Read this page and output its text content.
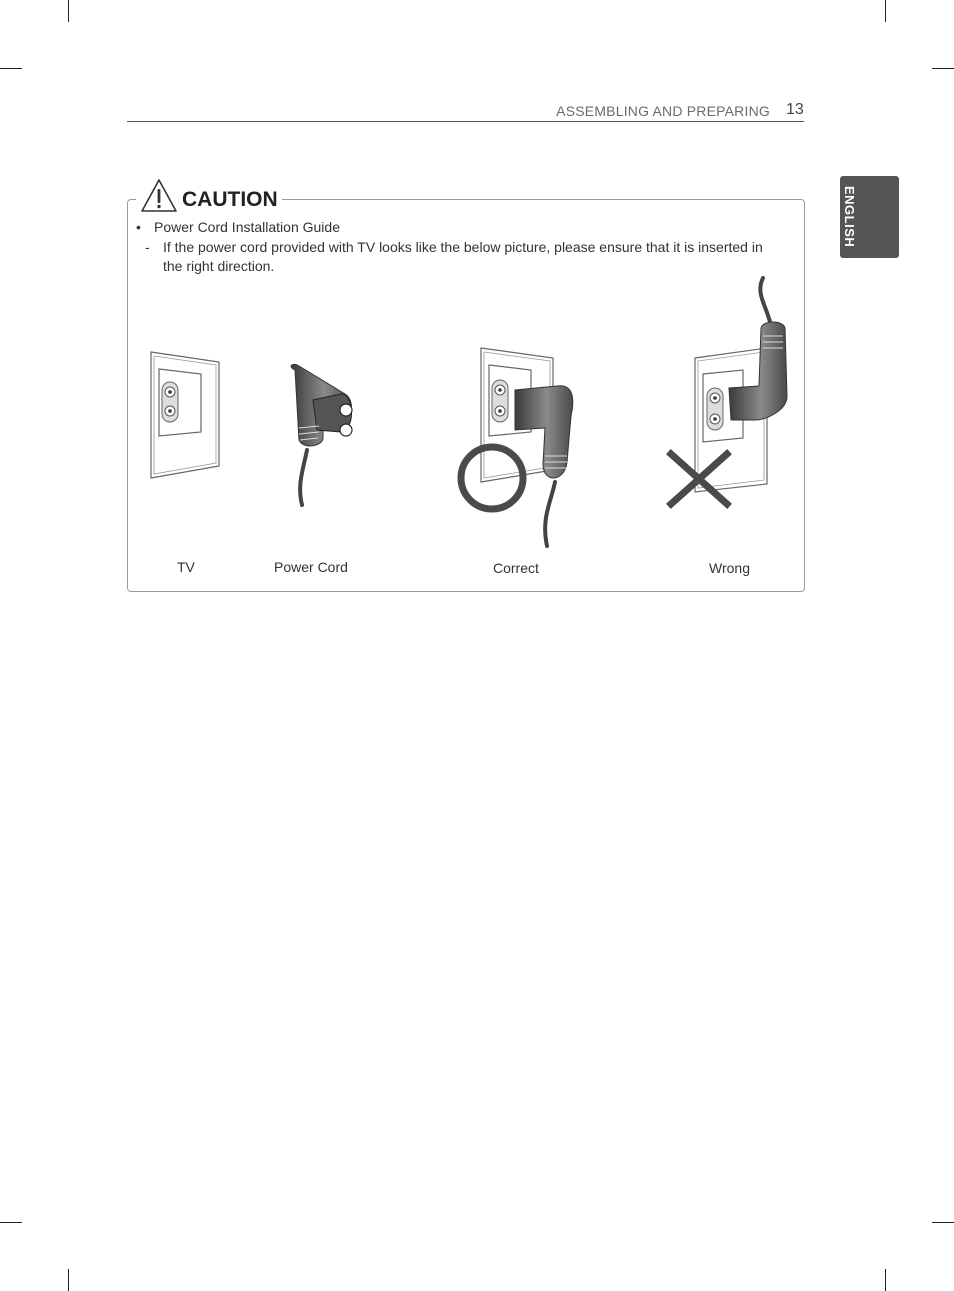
ASSEMBLING AND PREPARING 13
ENGLISH
CAUTION
• Power Cord Installation Guide
- If the power cord provided with TV looks like the below picture, please ensure that it is inserted in the right direction.
TV	Power Cord	Correct	Wrong
